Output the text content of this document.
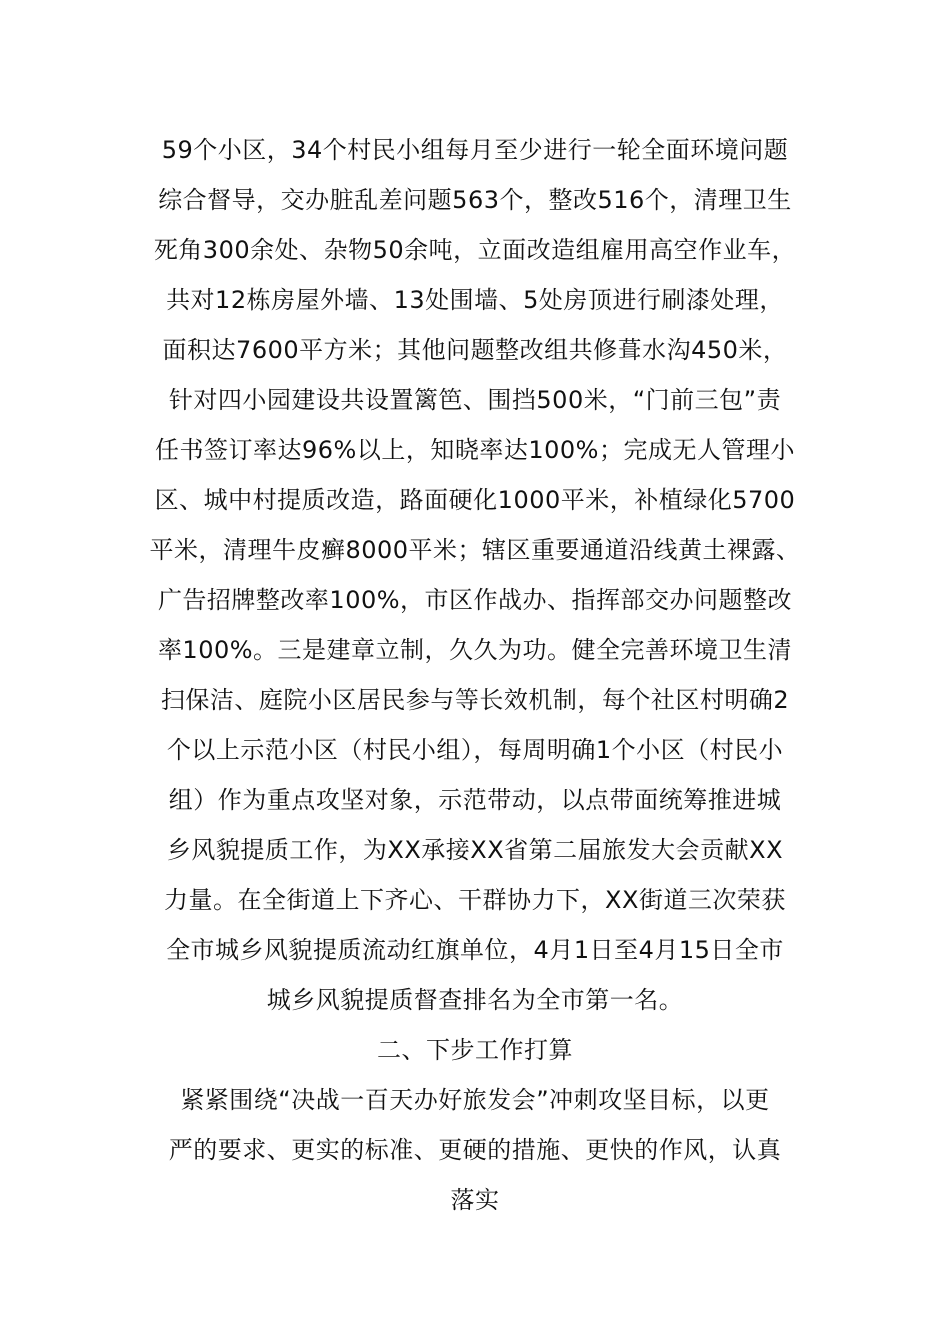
59个小区，34个村民小组每月至少进行一轮全面环境问题
综合督导，交办脏乱差问题563个，整改516个，清理卫生
死角300余处、杂物50余吨，立面改造组雇用高空作业车，
共对12栋房屋外墙、13处围墙、5处房顶进行刷漆处理，
面积达7600平方米；其他问题整改组共修葺水沟450米，
针对四小园建设共设置篱笆、围挡500米，“门前三包”责
任书签订率达96%以上，知晓率达100%；完成无人管理小
区、城中村提质改造，路面硬化1000平米，补植绿化5700
平米，清理牛皮癣8000平米；辖区重要通道沿线黄土裸露、
广告招牌整改率100%，市区作战办、指挥部交办问题整改
率100%。三是建章立制，久久为功。健全完善环境卫生清
扫保洁、庭院小区居民参与等长效机制，每个社区村明确2
个以上示范小区（村民小组），每周明确1个小区（村民小
组）作为重点攻坚对象，示范带动，以点带面统筹推进城
乡风貌提质工作，为XX承接XX省第二届旅发大会贡献XX
力量。在全街道上下齐心、干群协力下，XX街道三次荣获
全市城乡风貌提质流动红旗单位，4月1日至4月15日全市
城乡风貌提质督查排名为全市第一名。
二、下步工作打算
紧紧围绕“决战一百天办好旅发会”冲刺攻坚目标，以更
严的要求、更实的标准、更硬的措施、更快的作风，认真
落实
